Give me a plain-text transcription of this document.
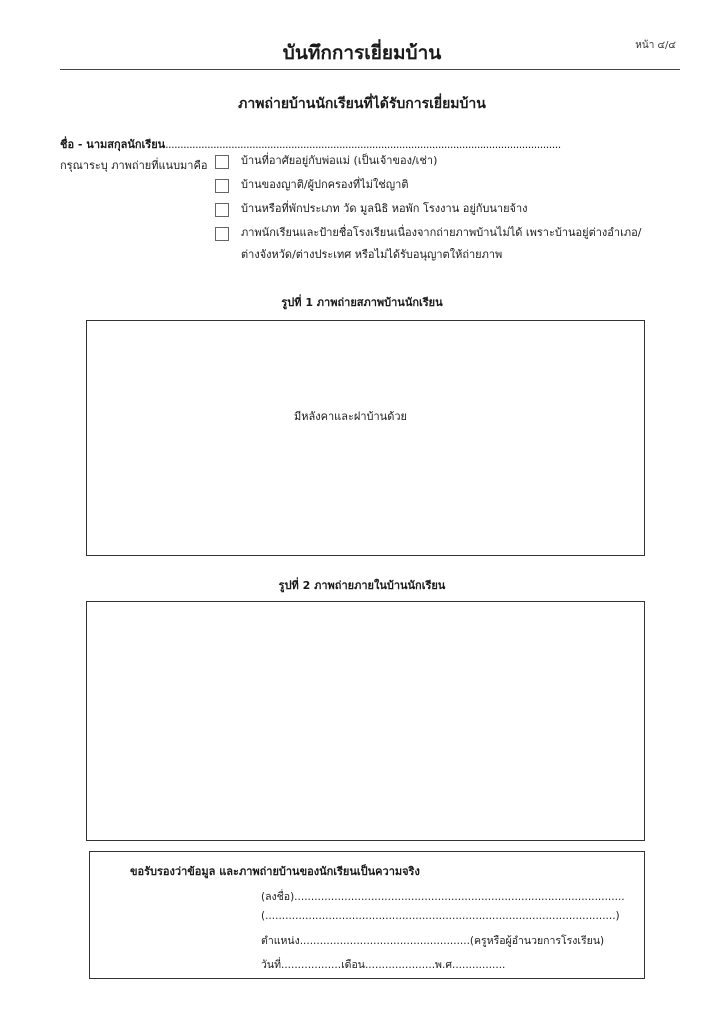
หน้า ๔/๔
บันทึกการเยี่ยมบ้าน
ภาพถ่ายบ้านนักเรียนที่ได้รับการเยี่ยมบ้าน
ชื่อ - นามสกุลนักเรียน....................................................................................................................................
กรุณาระบุ ภาพถ่ายที่แนบมาคือ	บ้านที่อาศัยอยู่กับพ่อแม่ (เป็นเจ้าของ/เช่า)
บ้านของญาติ/ผู้ปกครองที่ไม่ใช่ญาติ
บ้านหรือที่พักประเภท วัด มูลนิธิ หอพัก โรงงาน อยู่กับนายจ้าง
ภาพนักเรียนและป้ายชื่อโรงเรียนเนื่องจากถ่ายภาพบ้านไม่ได้ เพราะบ้านอยู่ต่างอำเภอ/ต่างจังหวัด/ต่างประเทศ หรือไม่ได้รับอนุญาตให้ถ่ายภาพ
รูปที่ 1 ภาพถ่ายสภาพบ้านนักเรียน
มีหลังคาและฝาบ้านด้วย
รูปที่ 2 ภาพถ่ายภายในบ้านนักเรียน
ขอรับรองว่าข้อมูล และภาพถ่ายบ้านของนักเรียนเป็นความจริง
(ลงชื่อ)...................................................................................................
(.........................................................................................................)
ตำแหน่ง...................................................(ครูหรือผู้อำนวยการโรงเรียน)
วันที่..................เดือน.....................พ.ศ................
